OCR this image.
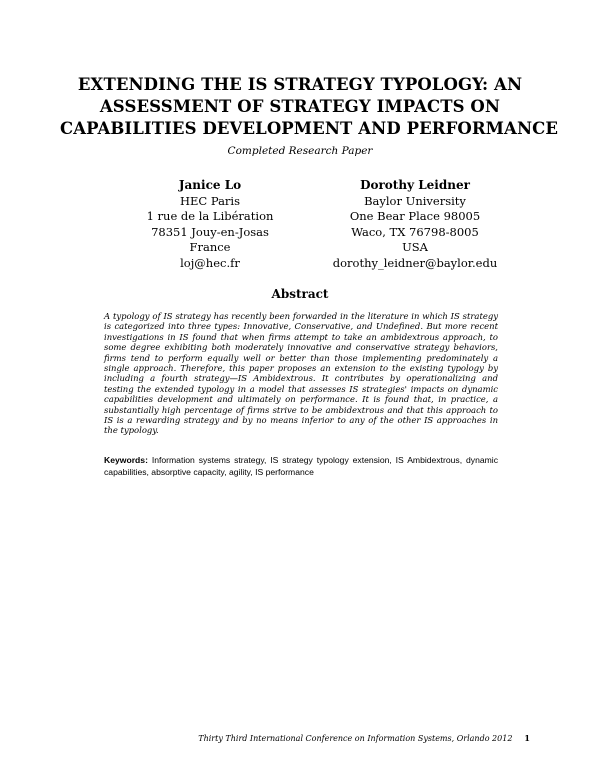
EXTENDING THE IS STRATEGY TYPOLOGY: AN
ASSESSMENT OF STRATEGY IMPACTS ON
CAPABILITIES DEVELOPMENT AND PERFORMANCE
Completed Research Paper
Janice Lo
HEC Paris
1 rue de la Libération
78351 Jouy-en-Josas
France
loj@hec.fr
Dorothy Leidner
Baylor University
One Bear Place 98005
Waco, TX 76798-8005
USA
dorothy_leidner@baylor.edu
Abstract
A typology of IS strategy has recently been forwarded in the literature in which IS strategy is categorized into three types: Innovative, Conservative, and Undefined. But more recent investigations in IS found that when firms attempt to take an ambidextrous approach, to some degree exhibiting both moderately innovative and conservative strategy behaviors, firms tend to perform equally well or better than those implementing predominately a single approach. Therefore, this paper proposes an extension to the existing typology by including a fourth strategy—IS Ambidextrous. It contributes by operationalizing and testing the extended typology in a model that assesses IS strategies' impacts on dynamic capabilities development and ultimately on performance. It is found that, in practice, a substantially high percentage of firms strive to be ambidextrous and that this approach to IS is a rewarding strategy and by no means inferior to any of the other IS approaches in the typology.
Keywords: Information systems strategy, IS strategy typology extension, IS Ambidextrous, dynamic capabilities, absorptive capacity, agility, IS performance
Thirty Third International Conference on Information Systems, Orlando 2012 1
